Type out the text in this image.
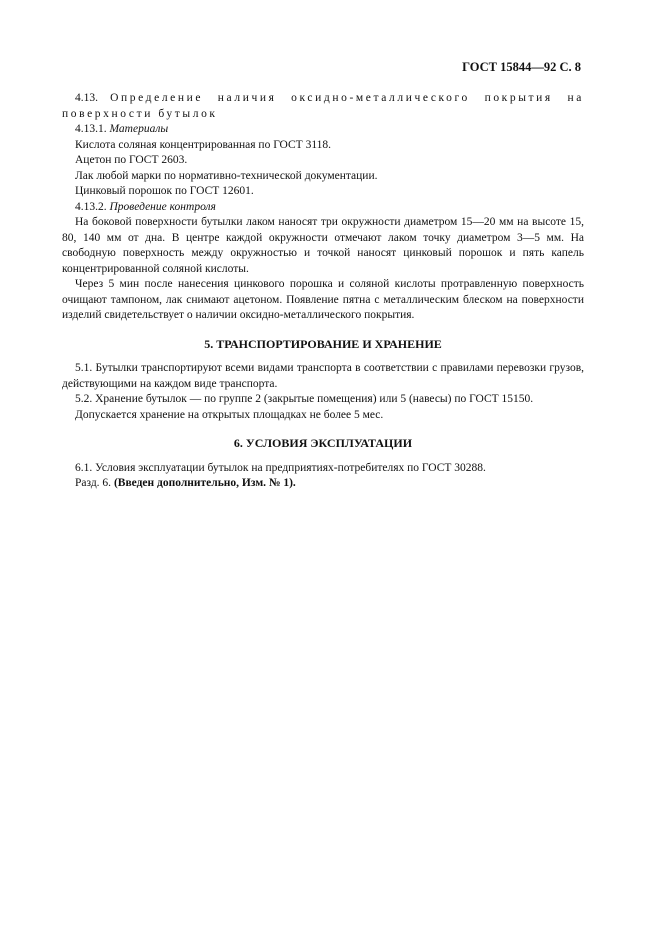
ГОСТ 15844—92 С. 8

4.13. Определение наличия оксидно-металлического покрытия на поверхности бутылок

4.13.1. Материалы

Кислота соляная концентрированная по ГОСТ 3118.

Ацетон по ГОСТ 2603.

Лак любой марки по нормативно-технической документации.

Цинковый порошок по ГОСТ 12601.

4.13.2. Проведение контроля

На боковой поверхности бутылки лаком наносят три окружности диаметром 15—20 мм на высоте 15, 80, 140 мм от дна. В центре каждой окружности отмечают лаком точку диаметром 3—5 мм. На свободную поверхность между окружностью и точкой наносят цинковый порошок и пять капель концентрированной соляной кислоты.

Через 5 мин после нанесения цинкового порошка и соляной кислоты протравленную поверхность очищают тампоном, лак снимают ацетоном. Появление пятна с металлическим блеском на поверхности изделий свидетельствует о наличии оксидно-металлического покрытия.

5. ТРАНСПОРТИРОВАНИЕ И ХРАНЕНИЕ

5.1. Бутылки транспортируют всеми видами транспорта в соответствии с правилами перевозки грузов, действующими на каждом виде транспорта.

5.2. Хранение бутылок — по группе 2 (закрытые помещения) или 5 (навесы) по ГОСТ 15150.

Допускается хранение на открытых площадках не более 5 мес.

6. УСЛОВИЯ ЭКСПЛУАТАЦИИ

6.1. Условия эксплуатации бутылок на предприятиях-потребителях по ГОСТ 30288.

Разд. 6. (Введен дополнительно, Изм. № 1).
